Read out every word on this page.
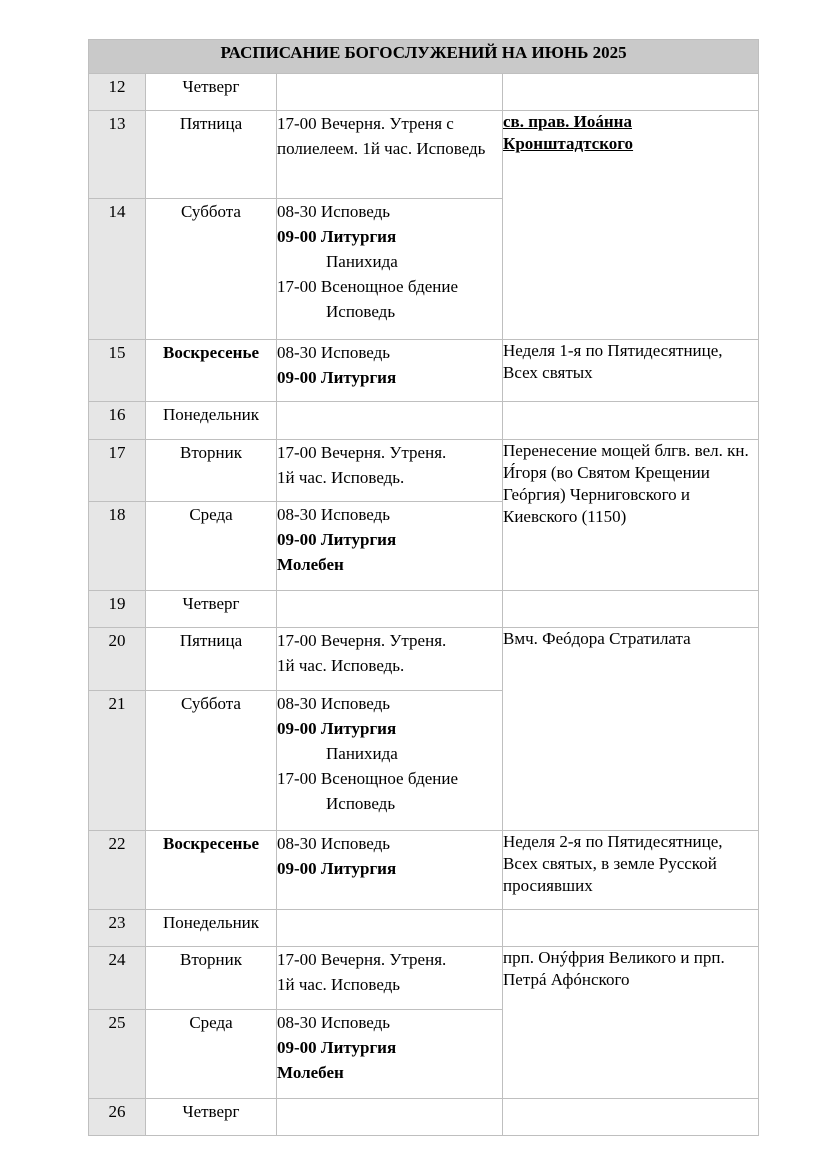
РАСПИСАНИЕ БОГОСЛУЖЕНИЙ НА ИЮНЬ 2025			
12	Четверг		
13	Пятница	17-00 Вечерня. Утреня с полиелеем. 1й час. Исповедь	св. прав. Иоáнна Кронштадтского
14	Суббота	08-30 Исповедь
09-00 Литургия
Панихида
17-00 Всенощное бдение
Исповедь	

15	Воскресенье	08-30 Исповедь
09-00 Литургия	Неделя 1-я по Пятидесятнице, Всех святых
16	Понедельник		
17	Вторник	17-00 Вечерня. Утреня.
1й час. Исповедь.	Перенесение мощей блгв. вел. кн. И́горя (во Святом Крещении Геóргия) Черниговского и Киевского (1150)
18	Среда	08-30 Исповедь
09-00 Литургия
Молебен	

19	Четверг		
20	Пятница	17-00 Вечерня. Утреня.
1й час. Исповедь.	Вмч. Феóдора Стратилата
21	Суббота	08-30 Исповедь
09-00 Литургия
Панихида
17-00 Всенощное бдение
Исповедь	

22	Воскресенье	08-30 Исповедь
09-00 Литургия	Неделя 2-я по Пятидесятнице, Всех святых, в земле Русской просиявших
23	Понедельник		
24	Вторник	17-00 Вечерня. Утреня.
1й час. Исповедь	прп. Онýфрия Великого и прп. Петрá Афóнского
25	Среда	08-30 Исповедь
09-00 Литургия
Молебен	

26	Четверг		
